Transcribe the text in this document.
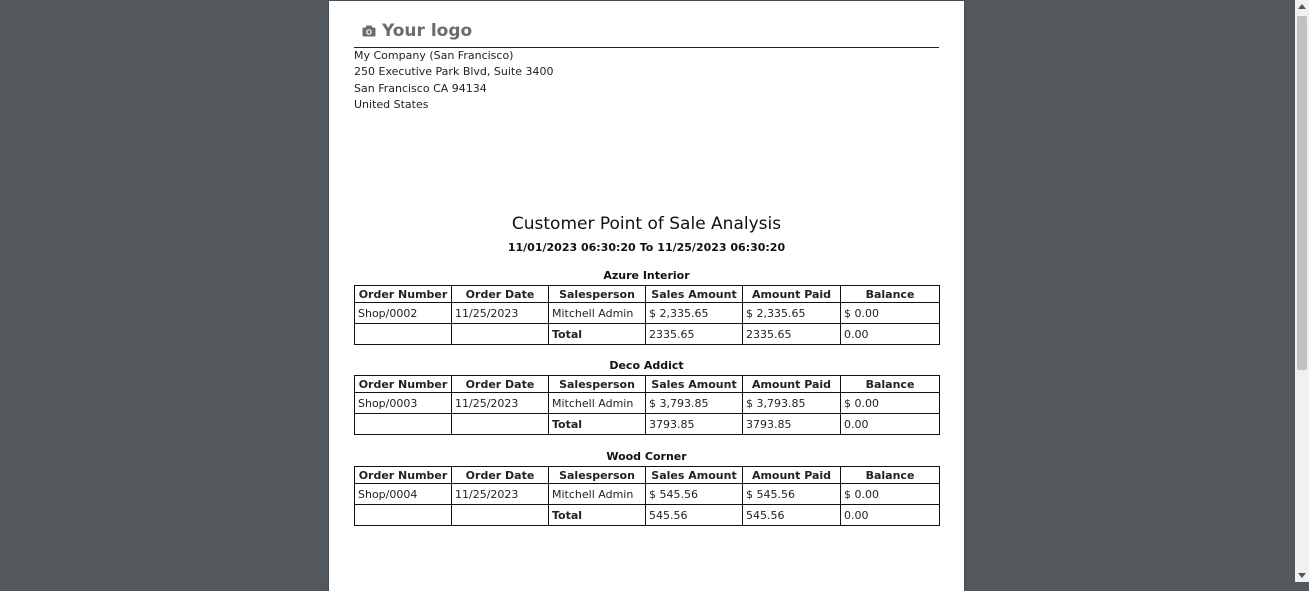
Your logo
My Company (San Francisco)
250 Executive Park Blvd, Suite 3400
San Francisco CA 94134
United States
Customer Point of Sale Analysis
11/01/2023 06:30:20 To 11/25/2023 06:30:20
Azure Interior
Order Number	Order Date	Salesperson	Sales Amount	Amount Paid	Balance
Shop/0002	11/25/2023	Mitchell Admin	$ 2,335.65	$ 2,335.65	$ 0.00
		Total	2335.65	2335.65	0.00
Deco Addict
Order Number	Order Date	Salesperson	Sales Amount	Amount Paid	Balance
Shop/0003	11/25/2023	Mitchell Admin	$ 3,793.85	$ 3,793.85	$ 0.00
		Total	3793.85	3793.85	0.00
Wood Corner
Order Number	Order Date	Salesperson	Sales Amount	Amount Paid	Balance
Shop/0004	11/25/2023	Mitchell Admin	$ 545.56	$ 545.56	$ 0.00
		Total	545.56	545.56	0.00
